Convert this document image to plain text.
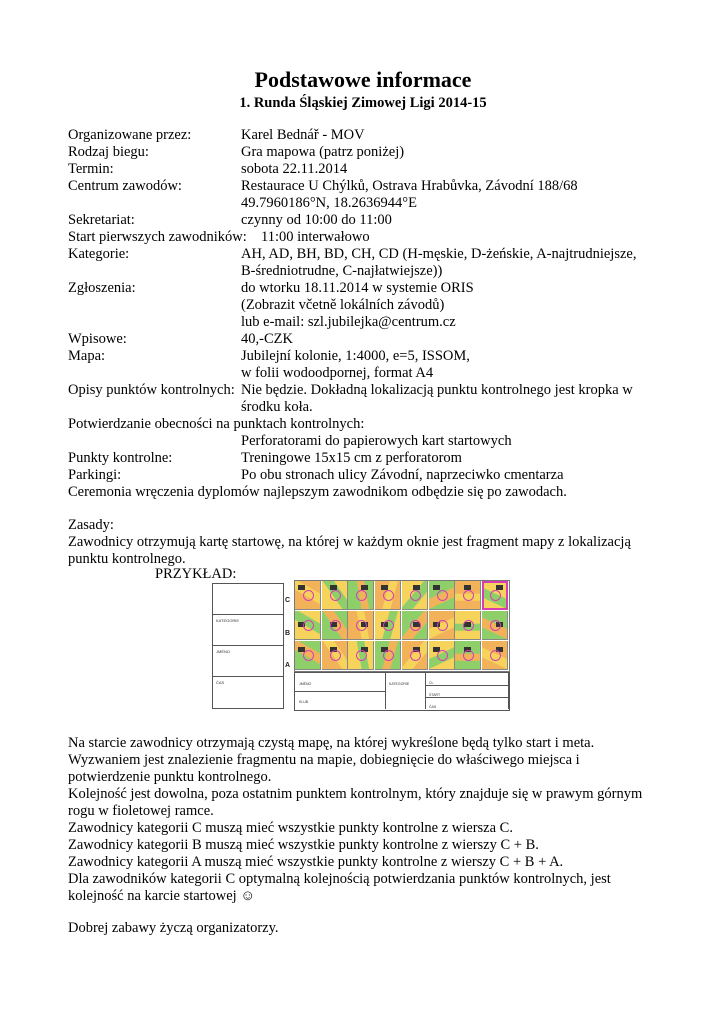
Podstawowe informace
1. Runda Śląskiej Zimowej Ligi 2014-15
Organizowane przez:	Karel Bednář - MOV
Rodzaj biegu:	Gra mapowa (patrz poniżej)
Termin:	sobota 22.11.2014
Centrum zawodów:	Restaurace U Chýlků, Ostrava Hrabůvka, Závodní 188/68
49.7960186°N, 18.2636944°E
Sekretariat:	czynny od 10:00 do 11:00
Start pierwszych zawodników: 11:00 interwałowo
Kategorie:	AH, AD, BH, BD, CH, CD (H-męskie, D-żeńskie, A-najtrudniejsze,
B-średniotrudne, C-najłatwiejsze))
Zgłoszenia:	do wtorku 18.11.2014 w systemie ORIS
(Zobrazit včetně lokálních závodů)
lub e-mail: szl.jubilejka@centrum.cz
Wpisowe:	40,-CZK
Mapa:	Jubilejní kolonie, 1:4000, e=5, ISSOM,
w folii wodoodpornej, format A4
Opisy punktów kontrolnych: Nie będzie. Dokładną lokalizacją punktu kontrolnego jest kropka w
środku koła.
Potwierdzanie obecności na punktach kontrolnych:
Perforatorami do papierowych kart startowych
Punkty kontrolne:	Treningowe 15x15 cm z perforatorom
Parkingi:	Po obu stronach ulicy Závodní, naprzeciwko cmentarza
Ceremonia wręczenia dyplomów najlepszym zawodnikom odbędzie się po zawodach.
Zasady:
Zawodnicy otrzymują kartę startowę, na której w każdym oknie jest fragment mapy z lokalizacją
punktu kontrolnego.
PRZYKŁAD:
KATEGORIE
JMÉNO
ČAS
C
B
A
JMÉNO
KLUB
KATEGORIE	CL
START
ČAS
Na starcie zawodnicy otrzymają czystą mapę, na której wykreślone będą tylko start i meta.
Wyzwaniem jest znalezienie fragmentu na mapie, dobiegnięcie do właściwego miejsca i
potwierdzenie punktu kontrolnego.
Kolejność jest dowolna, poza ostatnim punktem kontrolnym, który znajduje się w prawym górnym
rogu w fioletowej ramce.
Zawodnicy kategorii C muszą mieć wszystkie punkty kontrolne z wiersza C.
Zawodnicy kategorii B muszą mieć wszystkie punkty kontrolne z wierszy C + B.
Zawodnicy kategorii A muszą mieć wszystkie punkty kontrolne z wierszy C + B + A.
Dla zawodników kategorii C optymalną kolejnością potwierdzania punktów kontrolnych, jest
kolejność na karcie startowej ☺
Dobrej zabawy życzą organizatorzy.
